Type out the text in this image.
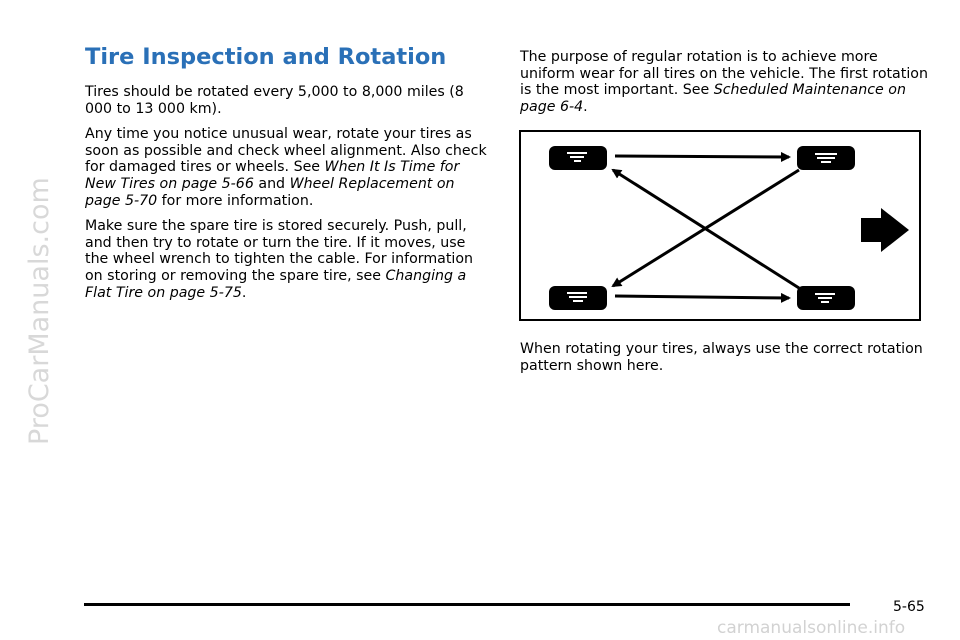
ProCarManuals.com
Tire Inspection and Rotation

Tires should be rotated every 5,000 to 8,000 miles (8 000 to 13 000 km).

Any time you notice unusual wear, rotate your tires as soon as possible and check wheel alignment. Also check for damaged tires or wheels. See When It Is Time for New Tires on page 5-66 and Wheel Replacement on page 5-70 for more information.

Make sure the spare tire is stored securely. Push, pull, and then try to rotate or turn the tire. If it moves, use the wheel wrench to tighten the cable. For information on storing or removing the spare tire, see Changing a Flat Tire on page 5-75.

The purpose of regular rotation is to achieve more uniform wear for all tires on the vehicle. The first rotation is the most important. See Scheduled Maintenance on page 6-4.

When rotating your tires, always use the correct rotation pattern shown here.

5-65
carmanualsonline.info
